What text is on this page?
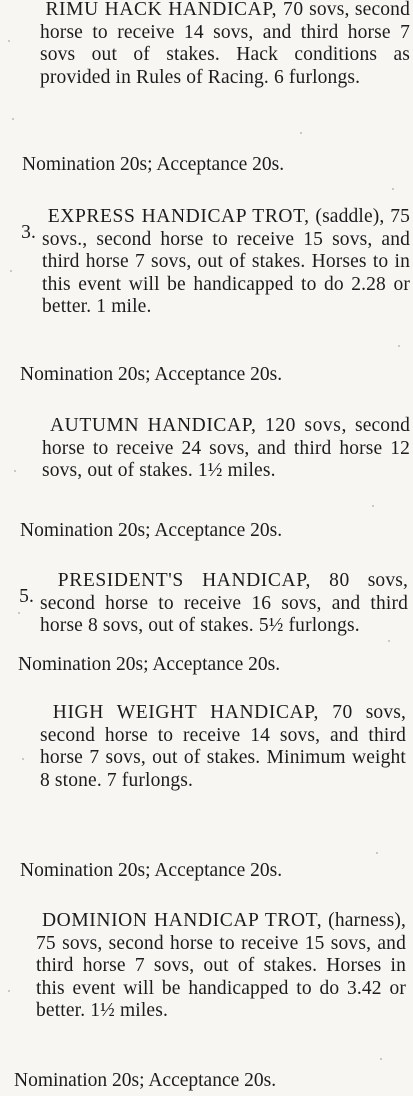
RIMU HACK HANDICAP, 70 sovs, second horse to receive 14 sovs, and third horse 7 sovs out of stakes. Hack conditions as provided in Rules of Racing. 6 furlongs.

Nomination 20s; Acceptance 20s.

3.
EXPRESS HANDICAP TROT, (saddle), 75 sovs., second horse to receive 15 sovs, and third horse 7 sovs, out of stakes. Horses to in this event will be handicapped to do 2.28 or better. 1 mile.

Nomination 20s; Acceptance 20s.

AUTUMN HANDICAP, 120 sovs, second horse to receive 24 sovs, and third horse 12 sovs, out of stakes. 1½ miles.

Nomination 20s; Acceptance 20s.

5.
PRESIDENT'S HANDICAP, 80 sovs, second horse to receive 16 sovs, and third horse 8 sovs, out of stakes. 5½ furlongs.

Nomination 20s; Acceptance 20s.

HIGH WEIGHT HANDICAP, 70 sovs, second horse to receive 14 sovs, and third horse 7 sovs, out of stakes. Minimum weight 8 stone. 7 furlongs.

Nomination 20s; Acceptance 20s.

DOMINION HANDICAP TROT, (harness), 75 sovs, second horse to receive 15 sovs, and third horse 7 sovs, out of stakes. Horses in this event will be handicapped to do 3.42 or better. 1½ miles.

Nomination 20s; Acceptance 20s.
